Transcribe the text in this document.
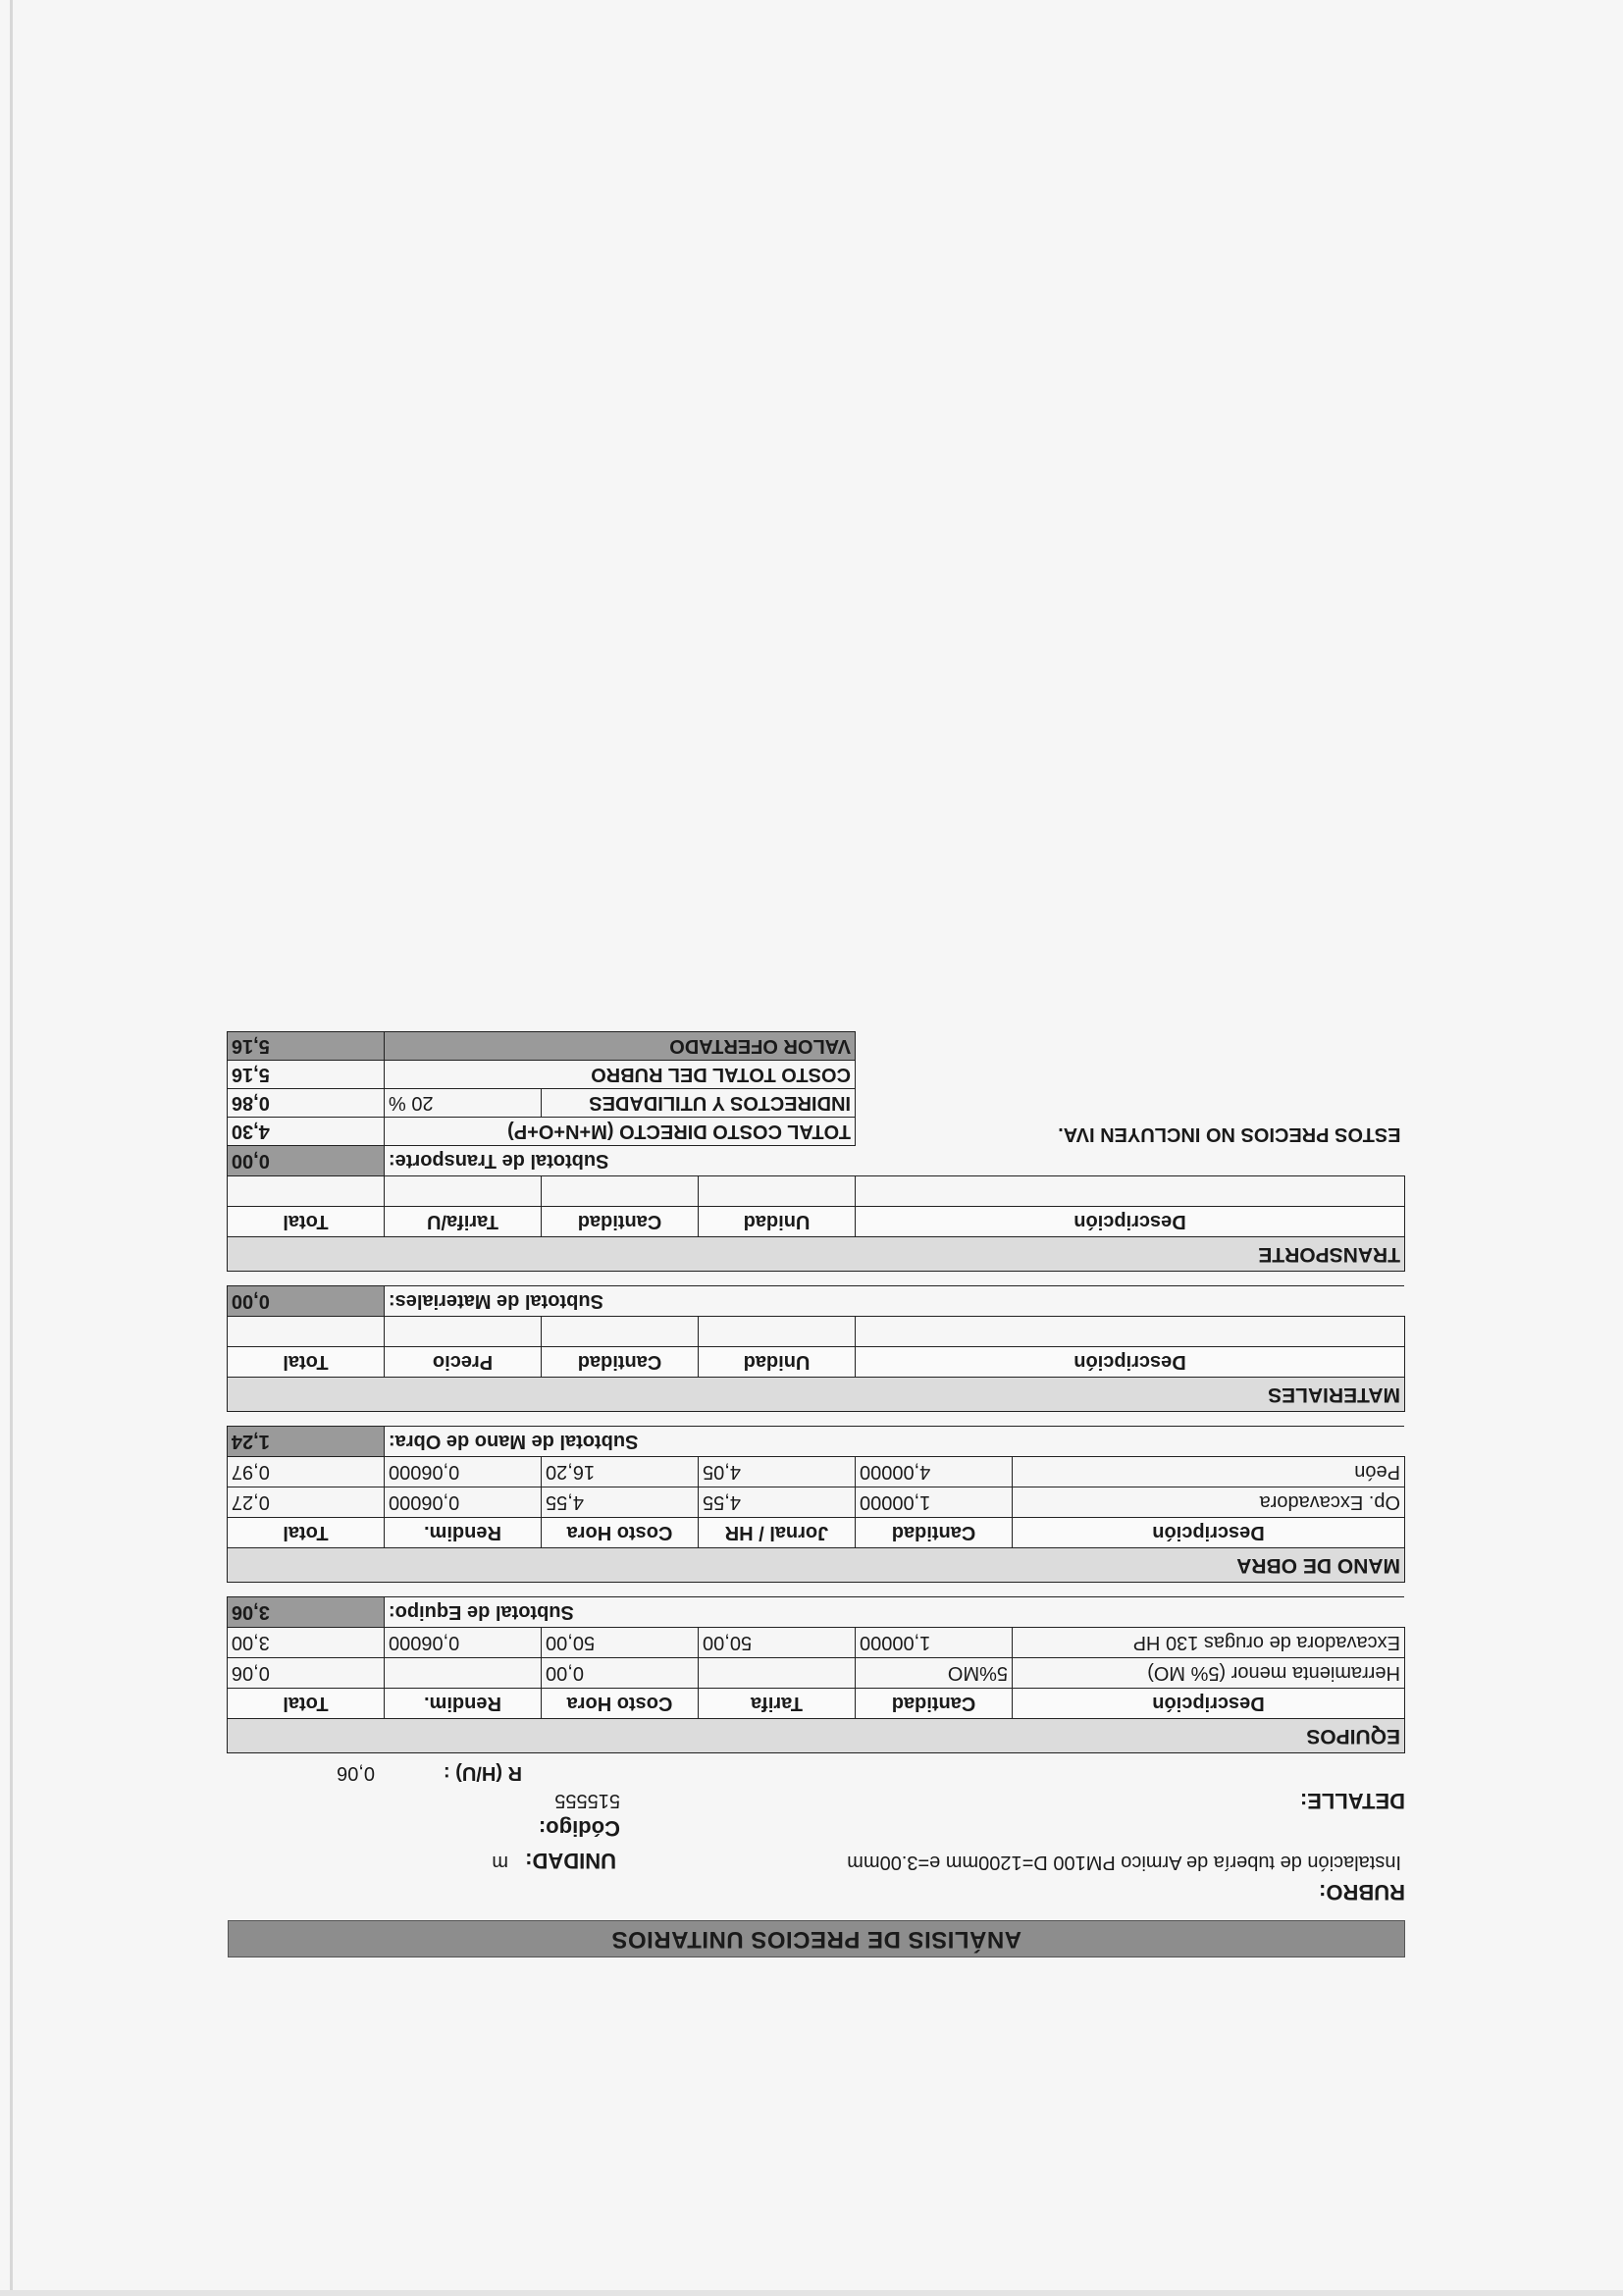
ANÁLISIS DE PRECIOS UNITARIOS
RUBRO:
Instalación de tubería de Armico PM100 D=1200mm e=3.00mm
UNIDAD:
m
Código:
DETALLE:
515555
R (H/U) :
0,06
EQUIPOS					
Descripción	Cantidad	Tarifa	Costo Hora	Rendim.	Total
Herramienta menor (5% MO)	5%MO		0,00		0,06
Excavadora de orugas 130 HP	1,00000	50,00	50,00	0,06000	3,00
		Subtotal de Equipo:			3,06

MANO DE OBRA					
Descripción	Cantidad	Jornal / HR	Costo Hora	Rendim.	Total
Op. Excavadora	1,00000	4,55	4,55	0,06000	0,27
Peón	4,00000	4,05	16,20	0,06000	0,97
		Subtotal de Mano de Obra:			1,24

MATERIALES					
Descripción		Unidad	Cantidad	Precio	Total

		Subtotal de Materiales:			0,00

TRANSPORTE					
Descripción		Unidad	Cantidad	Tarifa/U	Total

		Subtotal de Transporte:			0,00
ESTOS PRECIOS NO INCLUYEN IVA.		TOTAL COSTO DIRECTO (M+N+O+P)			4,30
		INDIRECTOS Y UTILIDADES		20 %	0,86
		COSTO TOTAL DEL RUBRO			5,16
		VALOR OFERTADO			5,16
